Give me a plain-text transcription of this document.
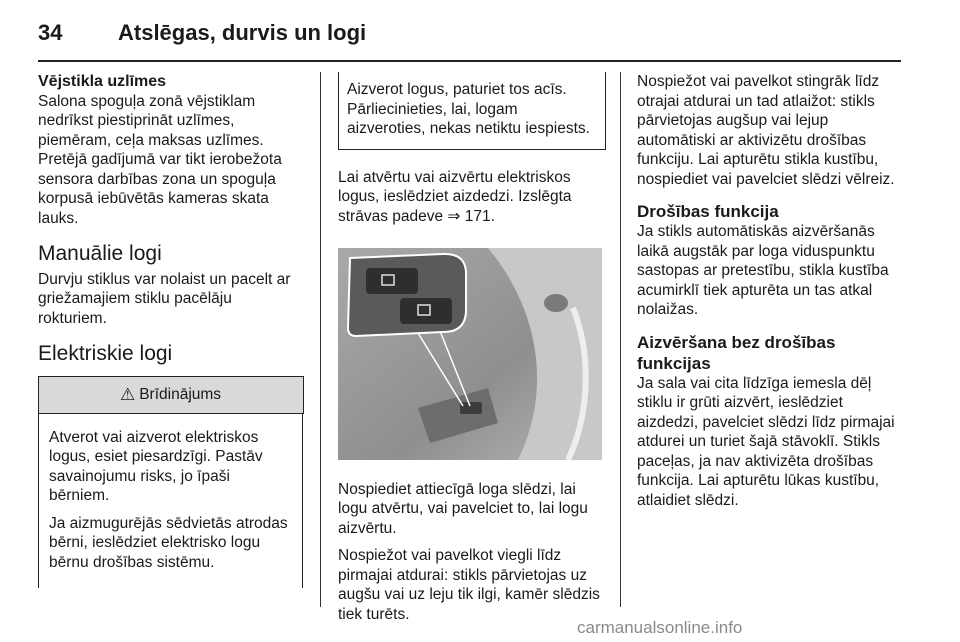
34	Atslēgas, durvis un logi
Vējstikla uzlīmes

Salona spoguļa zonā vējstiklam nedrīkst piestiprināt uzlīmes, piemēram, ceļa maksas uzlīmes. Pretējā gadījumā var tikt ierobežota sensora darbības zona un spoguļa korpusā iebūvētās kameras skata lauks.

Manuālie logi

Durvju stiklus var nolaist un pacelt ar griežamajiem stiklu pacēlāju rokturiem.

Elektriskie logi
⚠ Brīdinājums

Atverot vai aizverot elektriskos logus, esiet piesardzīgi. Pastāv savainojumu risks, jo īpaši bērniem.

Ja aizmugurējās sēdvietās atrodas bērni, ieslēdziet elektrisko logu bērnu drošības sistēmu.

Aizverot logus, paturiet tos acīs. Pārliecinieties, lai, logam aizveroties, nekas netiktu iespiests.

Lai atvērtu vai aizvērtu elektriskos logus, ieslēdziet aizdedzi. Izslēgta strāvas padeve ⇒ 171.

Nospiediet attiecīgā loga slēdzi, lai logu atvērtu, vai pavelciet to, lai logu aizvērtu.

Nospiežot vai pavelkot viegli līdz pirmajai atdurai: stikls pārvietojas uz augšu vai uz leju tik ilgi, kamēr slēdzis tiek turēts.

Nospiežot vai pavelkot stingrāk līdz otrajai atdurai un tad atlaižot: stikls pārvietojas augšup vai lejup automātiski ar aktivizētu drošības funkciju. Lai apturētu stikla kustību, nospiediet vai pavelciet slēdzi vēlreiz.

Drošības funkcija

Ja stikls automātiskās aizvēršanās laikā augstāk par loga viduspunktu sastopas ar pretestību, stikla kustība acumirklī tiek apturēta un tas atkal nolaižas.

Aizvēršana bez drošības funkcijas

Ja sala vai cita līdzīga iemesla dēļ stiklu ir grūti aizvērt, ieslēdziet aizdedzi, pavelciet slēdzi līdz pirmajai atdurei un turiet šajā stāvoklī. Stikls paceļas, ja nav aktivizēta drošības funkcija. Lai apturētu lūkas kustību, atlaidiet slēdzi.

carmanualsonline.info
